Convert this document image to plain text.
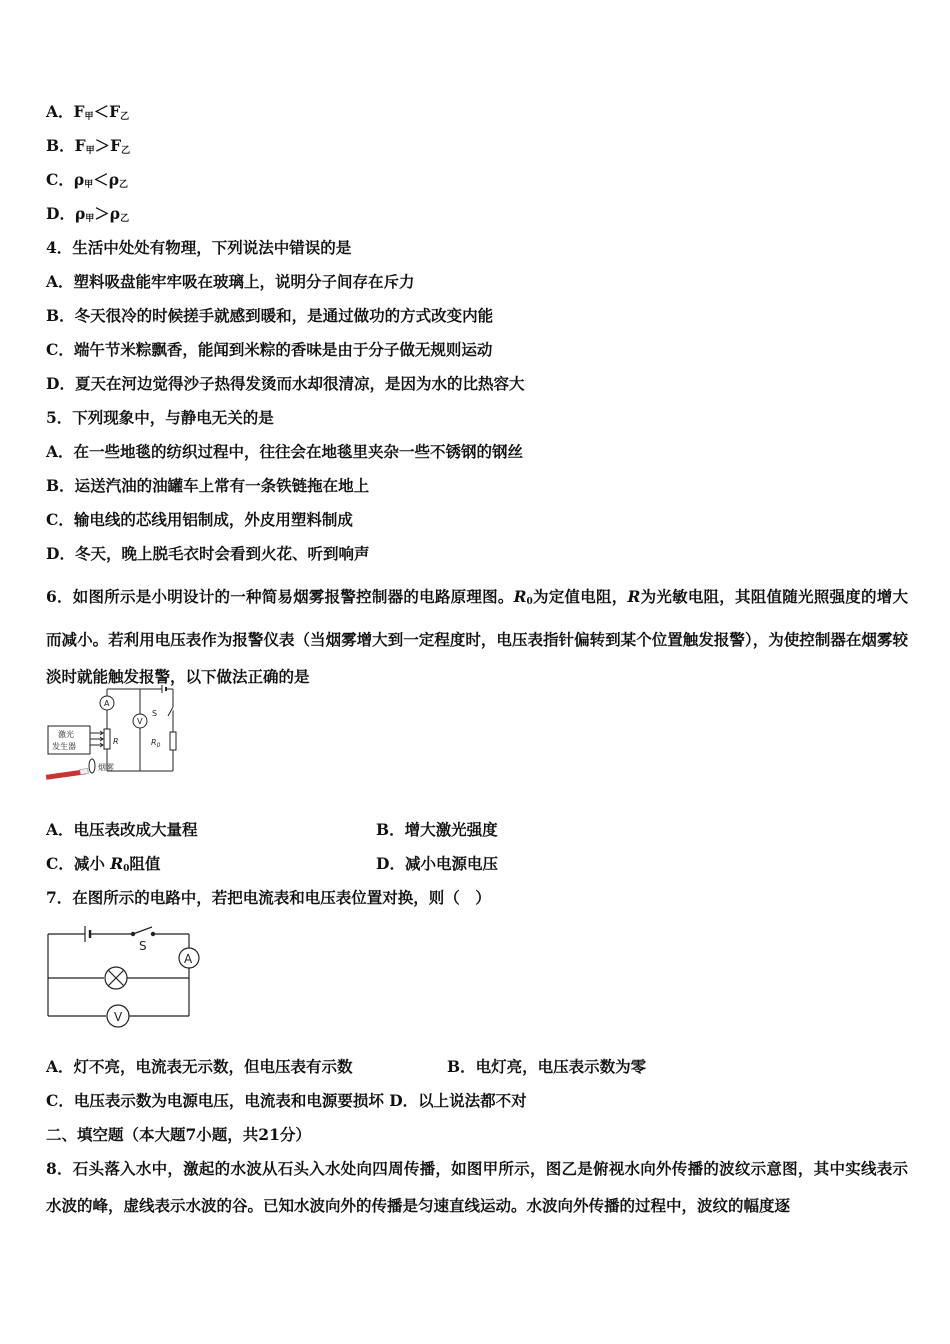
A．$F_甲<F_乙$
B．$F_甲>F_乙$
C．$\rho_甲<\rho_乙$
D．$\rho_甲>\rho_乙$
4．生活中处处有物理，下列说法中错误的是
A．塑料吸盘能牢牢吸在玻璃上，说明分子间存在斥力
B．冬天很冷的时候搓手就感到暖和，是通过做功的方式改变内能
C．端午节米粽飘香，能闻到米粽的香味是由于分子做无规则运动
D．夏天在河边觉得沙子热得发烫而水却很清凉，是因为水的比热容大
5．下列现象中，与静电无关的是
A．在一些地毯的纺织过程中，往往会在地毯里夹杂一些不锈钢的钢丝
B．运送汽油的油罐车上常有一条铁链拖在地上
C．输电线的芯线用铝制成，外皮用塑料制成
D．冬天，晚上脱毛衣时会看到火花、听到响声
6．如图所示是小明设计的一种简易烟雾报警控制器的电路原理图。$R_0$为定值电阻，R为光敏电阻，其阻值随光照强度的增大而减小。若利用电压表作为报警仪表（当烟雾增大到一定程度时，电压表指针偏转到某个位置触发报警），为使控制器在烟雾较淡时就能触发报警，以下做法正确的是
A
V
S
R	$R_0$
激光
发生器
烟雾
A．电压表改成大量程	B．增大激光强度
C．减小 $R_0$阻值	D．减小电源电压
7．在图所示的电路中，若把电流表和电压表位置对换，则（　）
S
A
V
A．灯不亮，电流表无示数，但电压表有示数	B．电灯亮，电压表示数为零
C．电压表示数为电源电压，电流表和电源要损坏 D．以上说法都不对
二、填空题（本大题7小题，共21分）
8．石头落入水中，激起的水波从石头入水处向四周传播，如图甲所示，图乙是俯视水向外传播的波纹示意图，其中实线表示水波的峰，虚线表示水波的谷。已知水波向外的传播是匀速直线运动。水波向外传播的过程中，波纹的幅度逐
